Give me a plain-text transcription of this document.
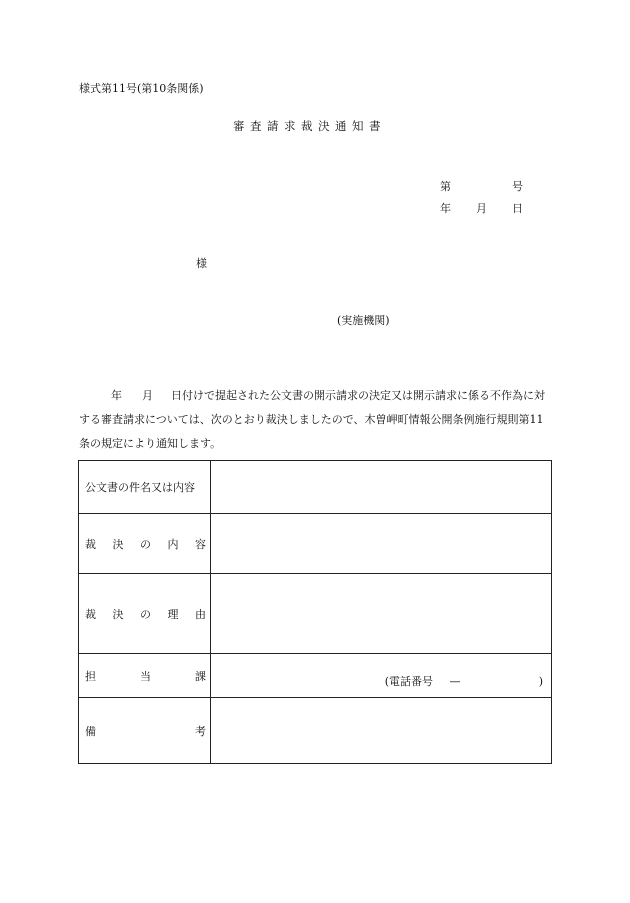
様式第11号(第10条関係)
審査請求裁決通知書
第	号
年 月 日
様
(実施機関)
年 月 日付けで提起された公文書の開示請求の決定又は開示請求に係る不作為に対する審査請求については、次のとおり裁決しましたので、木曽岬町情報公開条例施行規則第11条の規定により通知します。
公文書の件名又は内容	

裁 決 の 内 容	

裁 決 の 理 由	

担 当 課	(電話番号 — )

備 考	
